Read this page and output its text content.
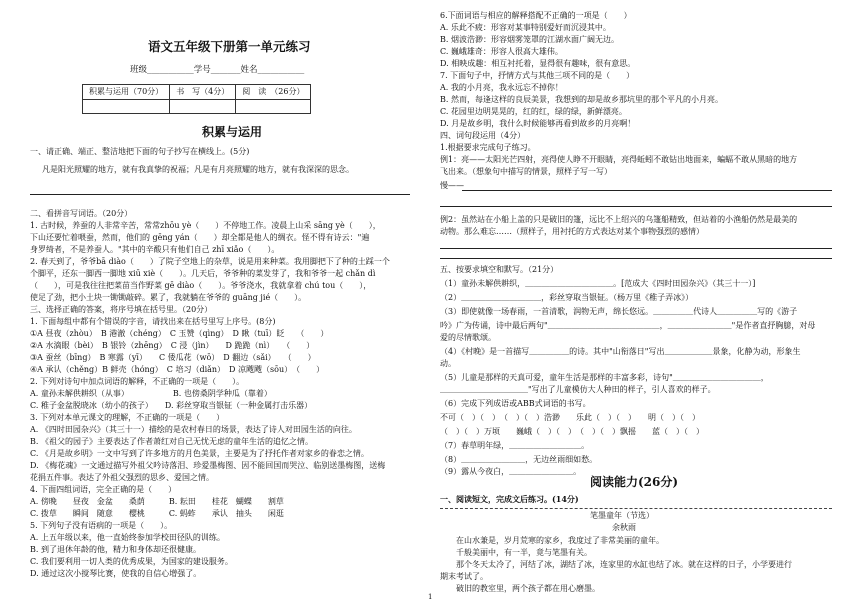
语文五年级下册第一单元练习
班级___________学号_______姓名___________
积累与运用（70分）	书　写（4分）	阅　读　（26分）

积累与运用
一、请正确、端正、整洁地把下面的句子抄写在横线上。(5分)
凡是阳光照耀的地方，就有我真挚的祝福；凡是有月亮照耀的地方，就有我深深的思念。
二、看拼音写词语。（20分）
1. 古时候，养蚕的人非常辛苦，常常zhōu yè（　　）不停地工作。凌晨上山采 sāng yè（　　），
下山还要忙着喂蚕，然而，他们的 gēng yán（　　）却全都是他人的绸衣。怪不得有诗云："遍
身罗绮者，不是养蚕人。"其中的辛酸只有他们自己 zhī xiǎo（　　）。
2. 春天到了，爷爷bā diào（　　）了院子空地上的杂草，说是用来种菜。我用脚把下了种的土踩一个
个脚平，还东一脚西一脚地 xiū xiè（　　）。几天后，爷爷种的菜发芽了，我和爷爷一起 chǎn dì
（　　），可是我往往把菜苗当作野菜 gē diào（　　）。爷爷浇水，我就拿着 chú tou（　　），
使足了劲，把小土块一锄锄敲碎。累了，我就躺在爷爷的 guāng jié（　　）。
三、选择正确的答案，将序号填在括号里。（20分）
1. 下面每组中都有个错误的字音，请找出来在括号里写上序号。(8分)
①A 昼夜（zhòu）　B 港澈（chéng）　C 玉赞（qìng）　D 瞅（tuī）眨　　（　　）
②A 水滴眼（bèi）　B 银铃（zhēng）　C 浸（jìn）　　D 跪跪（nì）　　（　　）
③A 蚕丝（bīng）　B 寒露（yī）　　C 倭瓜花（wō）　D 翻边（sǎi）　　（　　）
④A 承认（chěng）B 鲜壳（hóng）　C 培习（diǎn）　D 凉飕飕（sōu）　（　　）
2. 下列对诗句中加点词语的解释，不正确的一项是（　　）。
A. 童孙未解供耕织（从事）　　　　　　B. 也傍桑阴学种瓜（靠着）
C. 稚子金盆脱晓冰（幼小的孩子）　　D. 彩丝穿取当银钲（一种金属打击乐器）
3. 下列对本单元课文的理解，不正确的一项是（　　）
A. 《四时田园杂兴》（其三十一）描绘的是农村春日的场景，表达了诗人对田园生活的向往。
B. 《祖父的园子》主要表达了作者萧红对自己无忧无虑的童年生活的追忆之情。
C. 《月是故乡明》一文中写到了许多地方的月色美景，主要是为了抒托作者对家乡的眷恋之情。
D. 《梅花魂》一文通过描写外祖父吟诗落泪、珍爱墨梅图、因不能回国而哭泣、临别送墨梅图，送梅
花捐五件事。表达了外祖父强烈的思乡、爱国之情。
4. 下面四组词语，完全正确的是（　　）
A. 傍晚　　昼夜　金盆　　桑荫　　　B. 耘田　　桂花　蝴蝶　　割草
C. 拨草　　瞬间　随意　　樱桃　　　C. 蚂蚱　　承认　抽头　　闲逛
5. 下列句子没有语病的一项是（　　）。
A. 上五年级以来，他一直始终参加学校田径队的训练。
B. 到了退休年龄的他，精力和身体却还很健康。
C. 我们要利用一切人类的优秀成果，为国家的建设服务。
D. 通过这次小搅琴比赛，使我的自信心增强了。
6.下面词语与相应的解释搭配不正确的一项是（　　）
A. 乐此不疲：形容对某事特别爱好而沉浸其中。
B. 烟波浩渺：形容烟雾笼罩的江湖水面广阔无边。
C. 巍峨雄奇：形容人很高大雄伟。
D. 相映成趣：相互衬托着，显得很有趣味，很有意思。
7. 下面句子中，抒情方式与其他三项不同的是（　　）
A. 我的小月亮，我永远忘不掉你！
B. 然而，每逢这样的良辰美景，我想到的却是故乡那坑里的那个平凡的小月亮。
C. 花园里边明晃晃的，红的红，绿的绿，新鲜漂亮。
D. 月是故乡明，我什么时候能够再看到故乡的月亮啊！
四、词句段运用（4分）
1.根据要求完成句子练习。
例1：亮——太阳光芒四射，亮得使人睁不开眼睛，亮得蚯蚓不敢钻出地面来，蝙蝠不敢从黑暗的地方
飞出来。（想象句中描写的情景，照样子写一写）
慢——
例2：虽然站在小船上盖的只是破旧的篷，远比不上绍兴的乌篷船精致，但站着的小渔船仍然是最美的
动物。那么难忘……（照样子，用衬托的方式表达对某个事物强烈的感情）
五、按要求填空和默写。（21分）
（1）童孙未解供耕织，＿＿＿＿＿＿＿＿＿＿＿。[范成大《四时田园杂兴》（其三十一）]
（2）＿＿＿＿＿＿＿＿＿＿，彩丝穿取当银钲。（杨万里《稚子弄冰》）
（3）即使就像一场春雨，一首清歌，润物无声，绵长悠远。＿＿＿＿＿代诗人＿＿＿＿＿写的《游子
吟》广为传诵，诗中最后两句"＿＿＿＿＿＿＿＿＿＿＿＿＿＿，＿＿＿＿＿＿＿＿"是作者直抒胸臆，对母
爱的尽情歌颂。
（4）《村晚》是一首描写＿＿＿＿＿的诗。其中"山衔落日"写出＿＿＿＿＿＿景象，化静为动，形象生
动。
（5）儿童是那样的天真可爱，童年生活是那样的丰富多彩，诗句"＿＿＿＿＿＿＿＿＿＿＿，
＿＿＿＿＿＿＿＿＿＿＿"写出了儿童模仿大人种田的样子，引人喜欢的样子。
（6）完成下列成语或ABB式词语的书写。
不可（　）（　）　（　）（　）浩渺　　乐此（　）（　）　　明（　）（　）
（　）（　）万顷　　巍峨（　）（　）　（　）（　）飘摇　　蓝（　）（　）
（7）春草明年绿，＿＿＿＿＿＿＿＿＿。
（8）＿＿＿＿＿＿＿＿，无边丝雨细如愁。
（9）露从今夜白，＿＿＿＿＿＿＿＿。
阅读能力(26分)
一、阅读短文，完成文后练习。(14分)
笔墨童年（节选）
余秋雨
在山水兼是，岁月荒寒的家乡，我度过了非常美丽的童年。
千般美丽中，有一半，竟与笔墨有关。
那个冬天太冷了，河结了冰，湖结了冰，连家里的水缸也结了冰。就在这样的日子，小学要进行
期末考试了。
破旧的教室里，两个孩子都在用心磨墨。
1
